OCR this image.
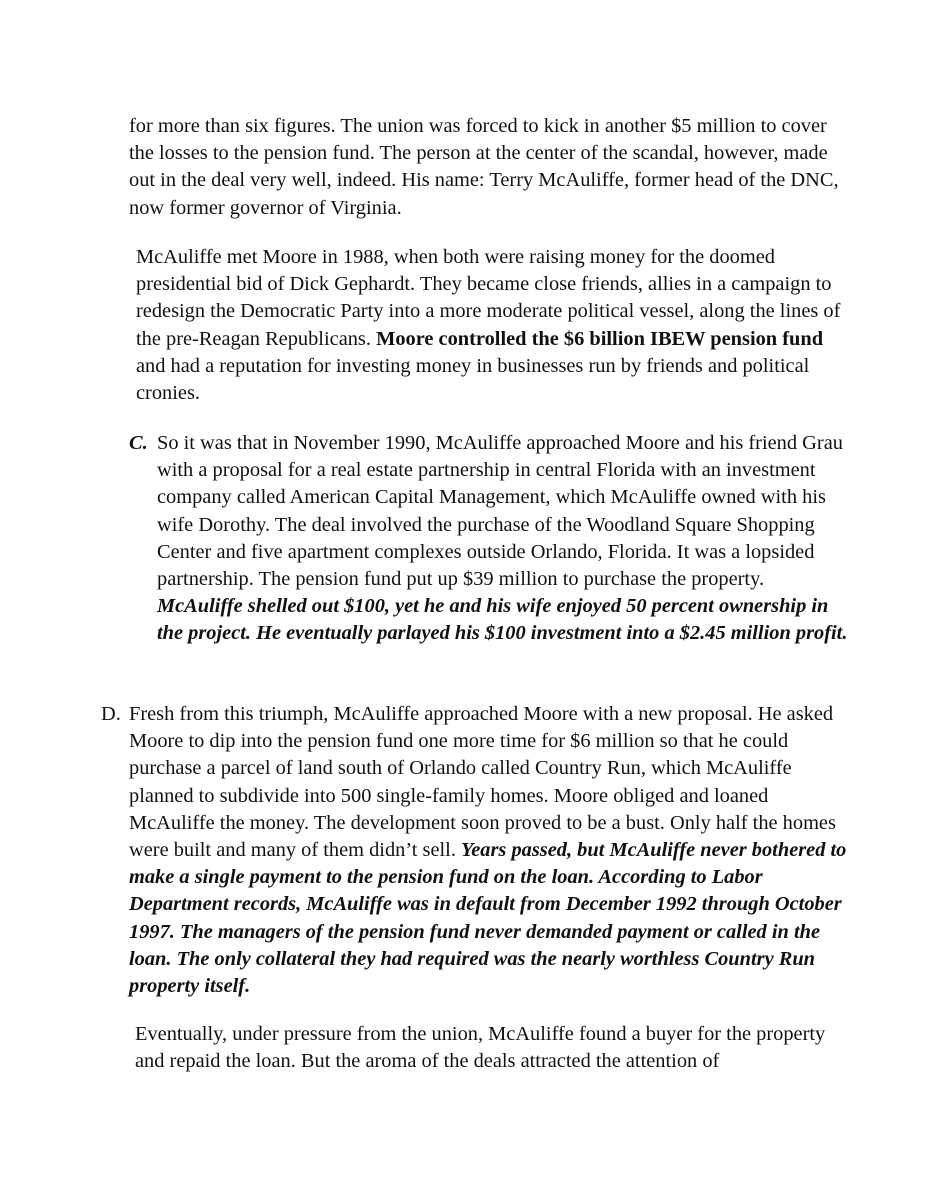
for more than six figures. The union was forced to kick in another $5 million to cover the losses to the pension fund. The person at the center of the scandal, however, made out in the deal very well, indeed. His name: Terry McAuliffe, former head of the DNC, now former governor of Virginia.

McAuliffe met Moore in 1988, when both were raising money for the doomed presidential bid of Dick Gephardt. They became close friends, allies in a campaign to redesign the Democratic Party into a more moderate political vessel, along the lines of the pre-Reagan Republicans. Moore controlled the $6 billion IBEW pension fund and had a reputation for investing money in businesses run by friends and political cronies.

C. So it was that in November 1990, McAuliffe approached Moore and his friend Grau with a proposal for a real estate partnership in central Florida with an investment company called American Capital Management, which McAuliffe owned with his wife Dorothy. The deal involved the purchase of the Woodland Square Shopping Center and five apartment complexes outside Orlando, Florida. It was a lopsided partnership. The pension fund put up $39 million to purchase the property. McAuliffe shelled out $100, yet he and his wife enjoyed 50 percent ownership in the project. He eventually parlayed his $100 investment into a $2.45 million profit.

D. Fresh from this triumph, McAuliffe approached Moore with a new proposal. He asked Moore to dip into the pension fund one more time for $6 million so that he could purchase a parcel of land south of Orlando called Country Run, which McAuliffe planned to subdivide into 500 single-family homes. Moore obliged and loaned McAuliffe the money. The development soon proved to be a bust. Only half the homes were built and many of them didn’t sell. Years passed, but McAuliffe never bothered to make a single payment to the pension fund on the loan. According to Labor Department records, McAuliffe was in default from December 1992 through October 1997. The managers of the pension fund never demanded payment or called in the loan. The only collateral they had required was the nearly worthless Country Run property itself.

Eventually, under pressure from the union, McAuliffe found a buyer for the property and repaid the loan. But the aroma of the deals attracted the attention of
